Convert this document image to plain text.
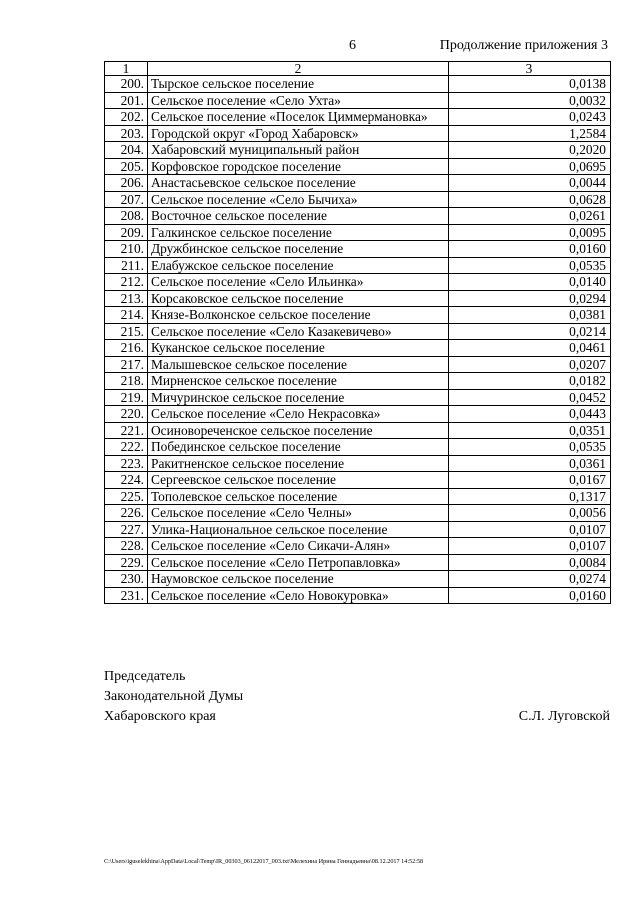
6	Продолжение приложения 3
1	2	3
200.	Тырское сельское поселение	0,0138
201.	Сельское поселение «Село Ухта»	0,0032
202.	Сельское поселение «Поселок Циммермановка»	0,0243
203.	Городской округ «Город Хабаровск»	1,2584
204.	Хабаровский муниципальный район	0,2020
205.	Корфовское городское поселение	0,0695
206.	Анастасьевское сельское поселение	0,0044
207.	Сельское поселение «Село Бычиха»	0,0628
208.	Восточное сельское поселение	0,0261
209.	Галкинское сельское поселение	0,0095
210.	Дружбинское сельское поселение	0,0160
211.	Елабужское сельское поселение	0,0535
212.	Сельское поселение «Село Ильинка»	0,0140
213.	Корсаковское сельское поселение	0,0294
214.	Князе-Волконское сельское поселение	0,0381
215.	Сельское поселение «Село Казакевичево»	0,0214
216.	Куканское сельское поселение	0,0461
217.	Малышевское сельское поселение	0,0207
218.	Мирненское сельское поселение	0,0182
219.	Мичуринское сельское поселение	0,0452
220.	Сельское поселение «Село Некрасовка»	0,0443
221.	Осиновореченское сельское поселение	0,0351
222.	Побединское сельское поселение	0,0535
223.	Ракитненское сельское поселение	0,0361
224.	Сергеевское сельское поселение	0,0167
225.	Тополевское сельское поселение	0,1317
226.	Сельское поселение «Село Челны»	0,0056
227.	Улика-Национальное сельское поселение	0,0107
228.	Сельское поселение «Село Сикачи-Алян»	0,0107
229.	Сельское поселение «Село Петропавловка»	0,0084
230.	Наумовское сельское поселение	0,0274
231.	Сельское поселение «Село Новокуровка»	0,0160
Председатель
Законодательной Думы
Хабаровского края	С.Л. Луговской
C:\Users\iguselekhina\AppData\Local\Temp\IR_00303_06122017_003.txt\Мелехина Ирина Геннадьевна\08.12.2017 14:52:58
